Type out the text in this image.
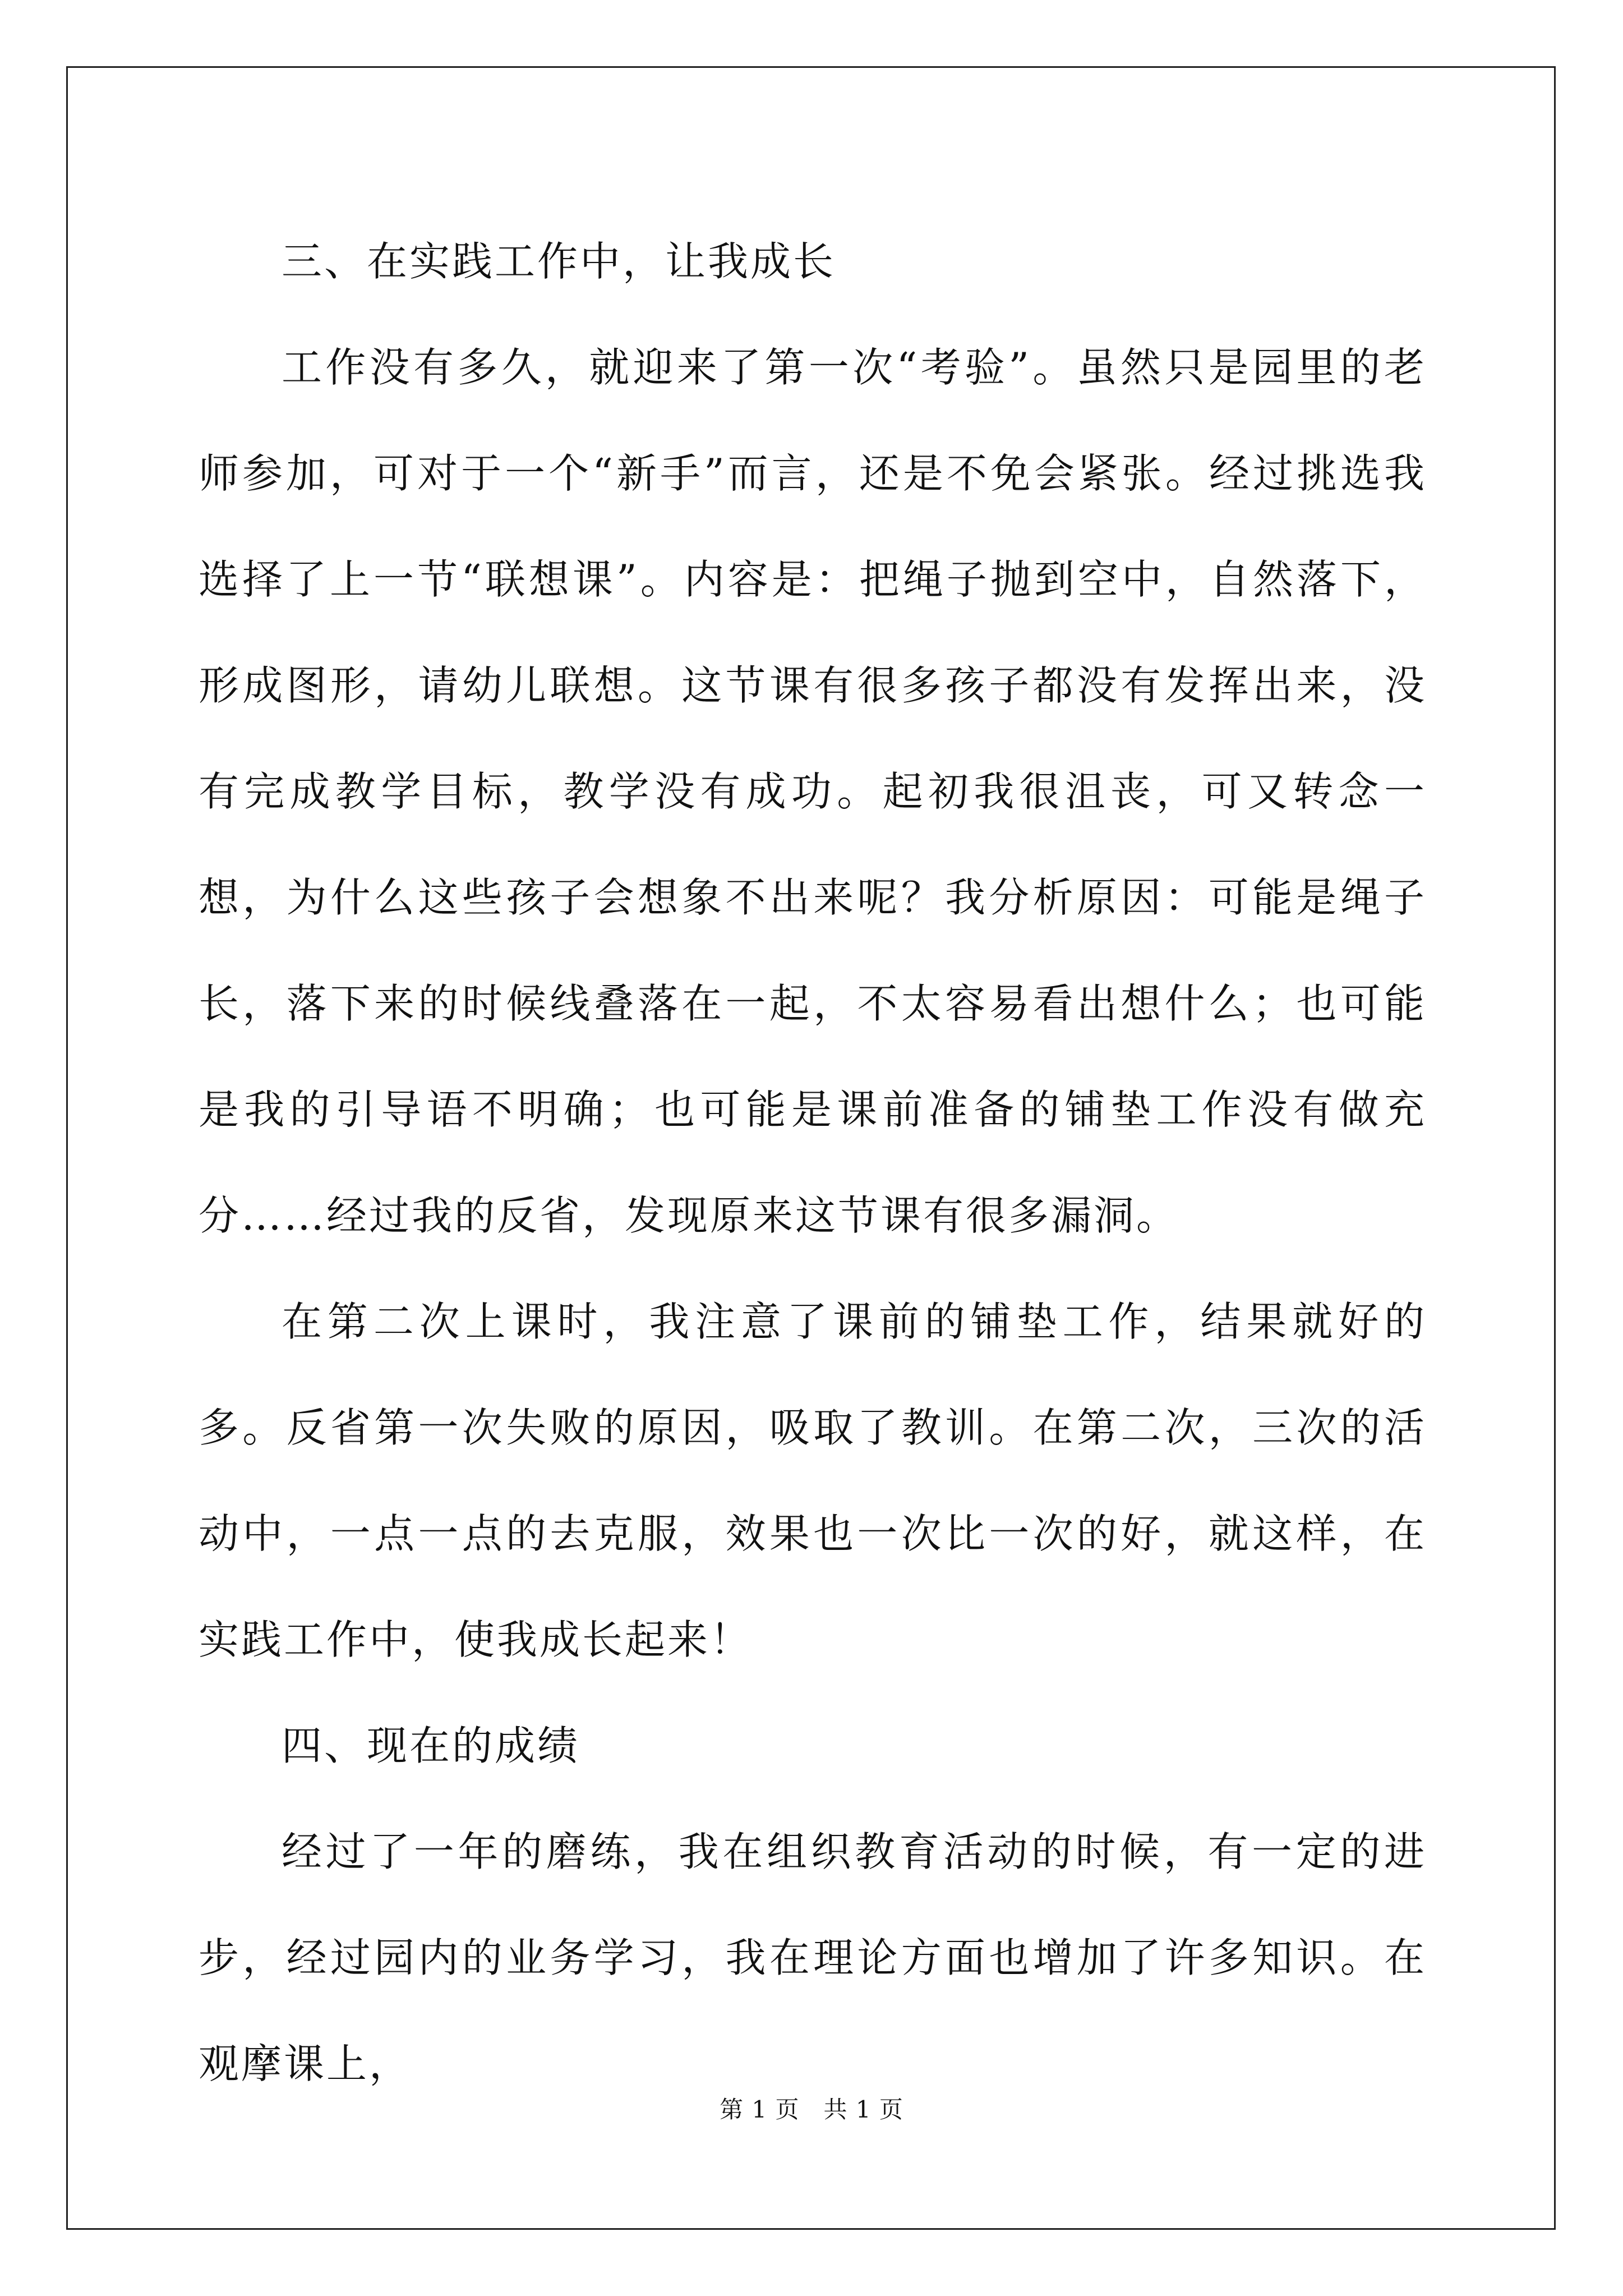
三、在实践工作中，让我成长

工作没有多久，就迎来了第一次“考验”。虽然只是园里的老师参加，可对于一个“新手”而言，还是不免会紧张。经过挑选我选择了上一节“联想课”。内容是：把绳子抛到空中，自然落下，形成图形，请幼儿联想。这节课有很多孩子都没有发挥出来，没有完成教学目标，教学没有成功。起初我很沮丧，可又转念一想，为什么这些孩子会想象不出来呢？我分析原因：可能是绳子长，落下来的时候线叠落在一起，不太容易看出想什么；也可能是我的引导语不明确；也可能是课前准备的铺垫工作没有做充分……经过我的反省，发现原来这节课有很多漏洞。

在第二次上课时，我注意了课前的铺垫工作，结果就好的多。反省第一次失败的原因，吸取了教训。在第二次，三次的活动中，一点一点的去克服，效果也一次比一次的好，就这样，在实践工作中，使我成长起来！

四、现在的成绩

经过了一年的磨练，我在组织教育活动的时候，有一定的进步，经过园内的业务学习，我在理论方面也增加了许多知识。在观摩课上，

第 1 页　共 1 页
